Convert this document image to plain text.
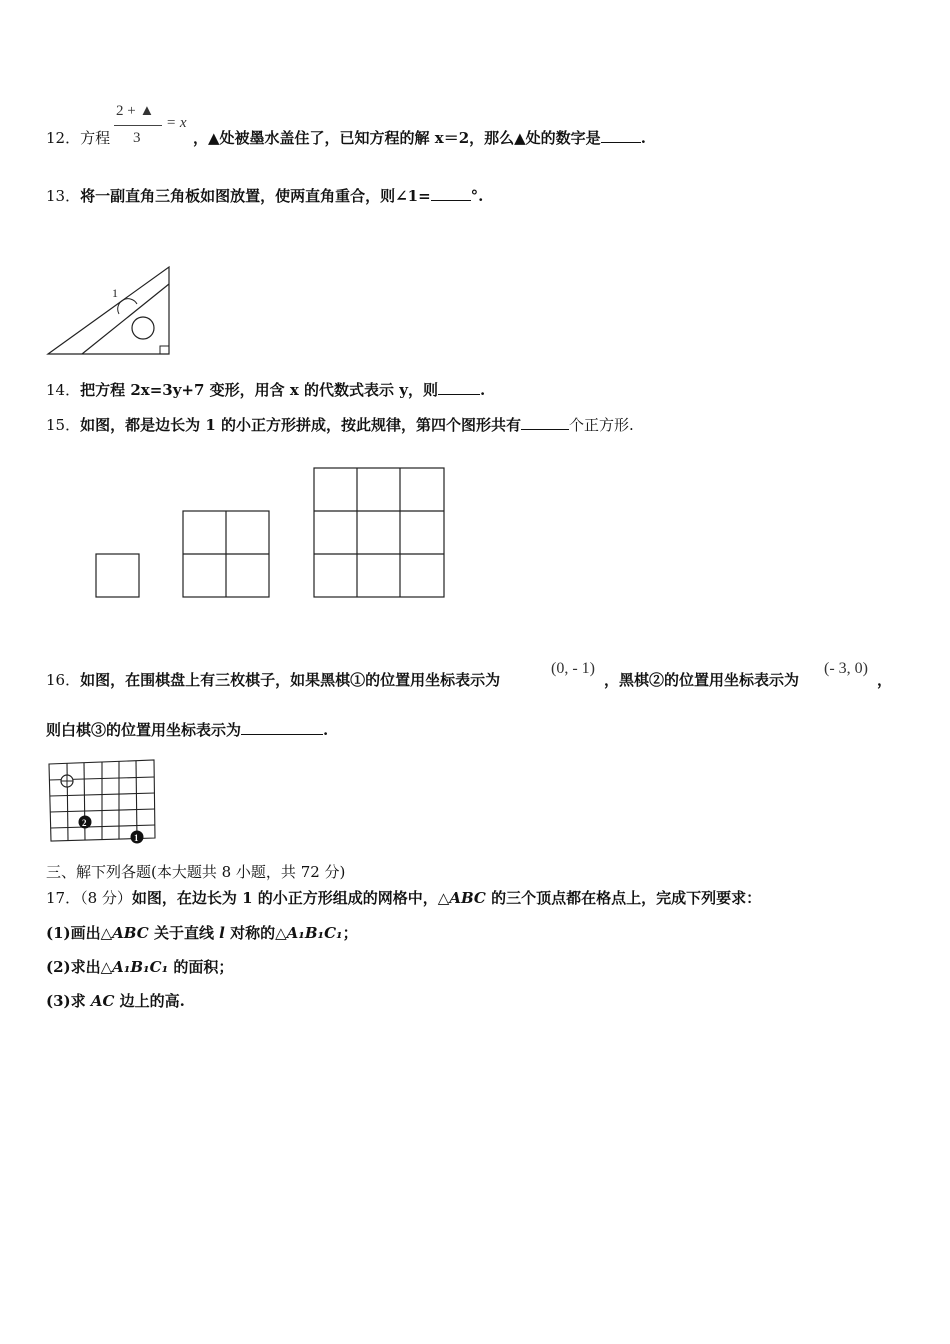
12．方程
2 + ▲
3
= x
，▲处被墨水盖住了，已知方程的解 x＝2，那么▲处的数字是	.
13．将一副直角三角板如图放置，使两直角重合，则∠1=	°.
1
14．把方程 2x=3y+7 变形，用含 x 的代数式表示 y，则	.
15．如图，都是边长为 1 的小正方形拼成，按此规律，第四个图形共有	个正方形.
16．如图，在围棋盘上有三枚棋子，如果黑棋①的位置用坐标表示为
(0, - 1)
，黑棋②的位置用坐标表示为
(- 3, 0)
，
则白棋③的位置用坐标表示为	.
2
1
三、解下列各题(本大题共 8 小题，共 72 分)
17．（8 分）如图，在边长为 1 的小正方形组成的网格中，△ABC 的三个顶点都在格点上，完成下列要求：
(1)画出△ABC 关于直线 l 对称的△A₁B₁C₁；
(2)求出△A₁B₁C₁ 的面积；
(3)求 AC 边上的高.
